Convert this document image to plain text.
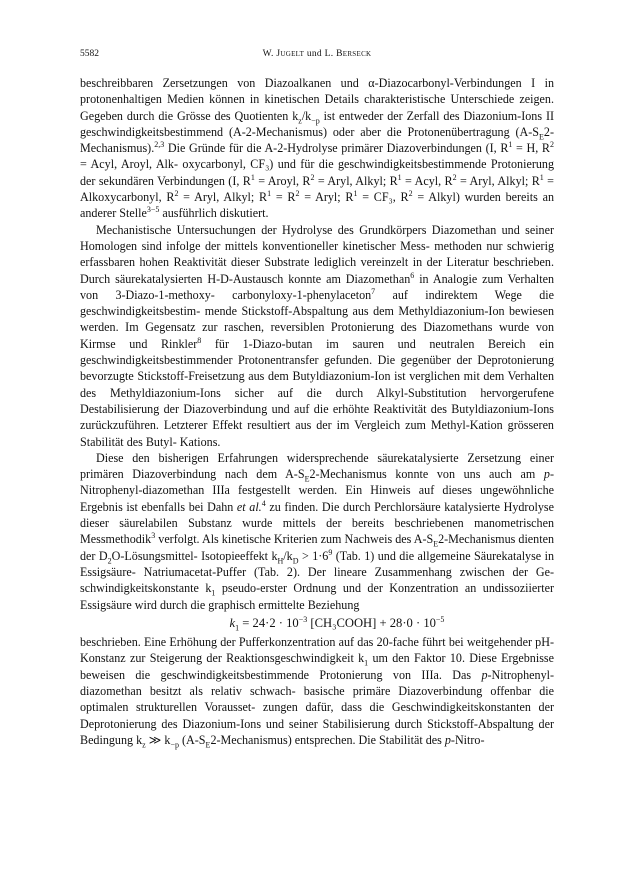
5582	W. Jugelt und L. Berseck

beschreibbaren Zersetzungen von Diazoalkanen und α-Diazocarbonyl-Verbindungen I in protonenhaltigen Medien können in kinetischen Details charakteristische Unterschiede zeigen. Gegeben durch die Grösse des Quotienten $k_z/k_{-p}$ ist entweder der Zerfall des Diazonium-Ions II geschwindigkeitsbestimmend (A-2-Mechanismus) oder aber die Protonenübertragung $(A-S_E2-Mechanismus).^{2,3}$ Die Gründe für die A-2-Hydrolyse primärer Diazoverbindungen (I, $R^1 = H$, $R^2$ = Acyl, Aroyl, Alk- oxycarbonyl, CF₃) und für die geschwindigkeitsbestimmende Protonierung der sekundären Verbindungen (I, $R^1$ = Aroyl, $R^2$ = Aryl, Alkyl; $R^1$ = Acyl, $R^2$ = Aryl, Alkyl; $R^1$ = Alkoxycarbonyl, $R^2$ = Aryl, Alkyl; $R^1 = R^2$ = Aryl; $R^1 = CF_3$, $R^2$ = Alkyl) wurden bereits an anderer Stelle$^{3-5}$ ausführlich diskutiert.

Mechanistische Untersuchungen der Hydrolyse des Grundkörpers Diazomethan und seiner Homologen sind infolge der mittels konventioneller kinetischer Mess- methoden nur schwierig erfassbaren hohen Reaktivität dieser Substrate lediglich vereinzelt in der Literatur beschrieben. Durch säurekatalysierten H-D-Austausch konnte am Diazomethan$^6$ in Analogie zum Verhalten von 3-Diazo-1-methoxy- carbonyloxy-1-phenylaceton$^7$ auf indirektem Wege die geschwindigkeitsbestim- mende Stickstoff-Abspaltung aus dem Methyldiazonium-Ion bewiesen werden. Im Gegensatz zur raschen, reversiblen Protonierung des Diazomethans wurde von Kirmse und Rinkler$^8$ für 1-Diazo-butan im sauren und neutralen Bereich ein geschwindigkeitsbestimmender Protonentransfer gefunden. Die gegenüber der Deprotonierung bevorzugte Stickstoff-Freisetzung aus dem Butyldiazonium-Ion ist verglichen mit dem Verhalten des Methyldiazonium-Ions sicher auf die durch Alkyl-Substitution hervorgerufene Destabilisierung der Diazoverbindung und auf die erhöhte Reaktivität des Butyldiazonium-Ions zurückzuführen. Letzterer Effekt resultiert aus der im Vergleich zum Methyl-Kation grösseren Stabilität des Butyl- Kations.

Diese den bisherigen Erfahrungen widersprechende säurekatalysierte Zersetzung einer primären Diazoverbindung nach dem $A-S_E2$-Mechanismus konnte von uns auch am p-Nitrophenyl-diazomethan IIIa festgestellt werden. Ein Hinweis auf dieses ungewöhnliche Ergebnis ist ebenfalls bei Dahn et al.$^4$ zu finden. Die durch Perchlorsäure katalysierte Hydrolyse dieser säurelabilen Substanz wurde mittels der bereits beschriebenen manometrischen Messmethodik$^3$ verfolgt. Als kinetische Kriterien zum Nachweis des $A-S_E2$-Mechanismus dienten der $D_2O-Lösungsmittel-$ Isotopieeffekt $k_H/k_D > 1\cdot 6^9$ (Tab. 1) und die allgemeine Säurekatalyse in Essigsäure- Natriumacetat-Puffer (Tab. 2). Der lineare Zusammenhang zwischen der Ge- schwindigkeitskonstante $k_1$ pseudo-erster Ordnung und der Konzentration an undissoziierter Essigsäure wird durch die graphisch ermittelte Beziehung

$k_1 = 24\cdot 2 \cdot 10^{-3}$ [CH₃COOH] + $28\cdot 0 \cdot 10^{-5}$

beschrieben. Eine Erhöhung der Pufferkonzentration auf das 20-fache führt bei weitgehender pH-Konstanz zur Steigerung der Reaktionsgeschwindigkeit $k_1$ um den Faktor 10. Diese Ergebnisse beweisen die geschwindigkeitsbestimmende Protonierung von IIIa. Das p-Nitrophenyl-diazomethan besitzt als relativ schwach- basische primäre Diazoverbindung offenbar die optimalen strukturellen Vorausset- zungen dafür, dass die Geschwindigkeitskonstanten der Deprotonierung des Diazonium-Ions und seiner Stabilisierung durch Stickstoff-Abspaltung der Bedingung $k_z$ ≫ $k_{-p}$ $(A-S_E2-Mechanismus)$ entsprechen. Die Stabilität des p-Nitro-
